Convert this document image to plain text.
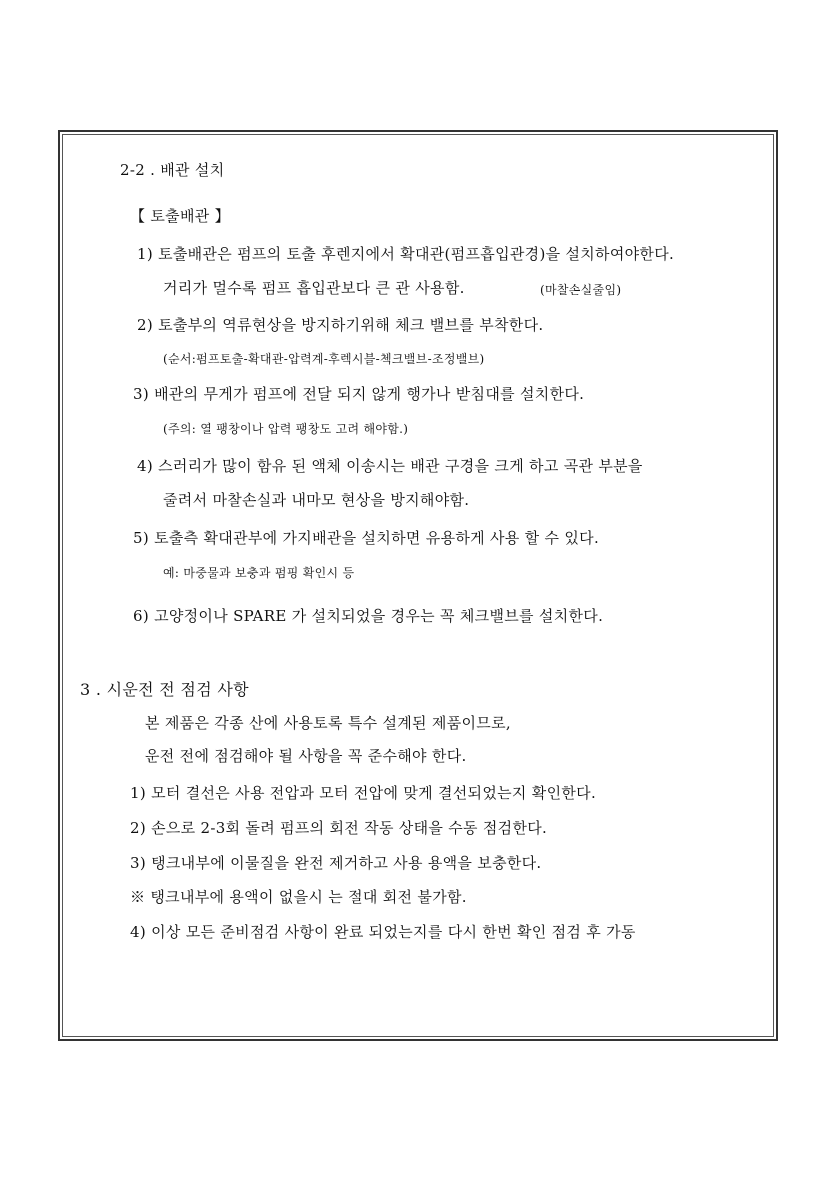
2-2 . 배관 설치
【 토출배관 】
1) 토출배관은 펌프의 토출 후렌지에서 확대관(펌프흡입관경)을 설치하여야한다.
거리가 멀수록 펌프 흡입관보다 큰 관 사용함.	(마찰손실줄임)
2) 토출부의 역류현상을 방지하기위해 체크 밸브를 부착한다.
(순서:펌프토출-확대관-압력계-후렉시블-첵크밸브-조정밸브)
3) 배관의 무게가 펌프에 전달 되지 않게 행가나 받침대를 설치한다.
(주의: 열 팽창이나 압력 팽창도 고려 해야함.)
4) 스러리가 많이 함유 된 액체 이송시는 배관 구경을 크게 하고 곡관 부분을
줄려서 마찰손실과 내마모 현상을 방지해야함.
5) 토출측 확대관부에 가지배관을 설치하면 유용하게 사용 할 수 있다.
예: 마중물과 보충과 펌핑 확인시 등
6) 고양정이나 SPARE 가 설치되었을 경우는 꼭 체크밸브를 설치한다.
3 . 시운전 전 점검 사항
본 제품은 각종 산에 사용토록 특수 설계된 제품이므로,
운전 전에 점검해야 될 사항을 꼭 준수해야 한다.
1) 모터 결선은 사용 전압과 모터 전압에 맞게 결선되었는지 확인한다.
2) 손으로 2-3회 돌려 펌프의 회전 작동 상태을 수동 점검한다.
3) 탱크내부에 이물질을 완전 제거하고 사용 용액을 보충한다.
※ 탱크내부에 용액이 없을시 는 절대 회전 불가함.
4) 이상 모든 준비점검 사항이 완료 되었는지를 다시 한번 확인 점검 후 가동
